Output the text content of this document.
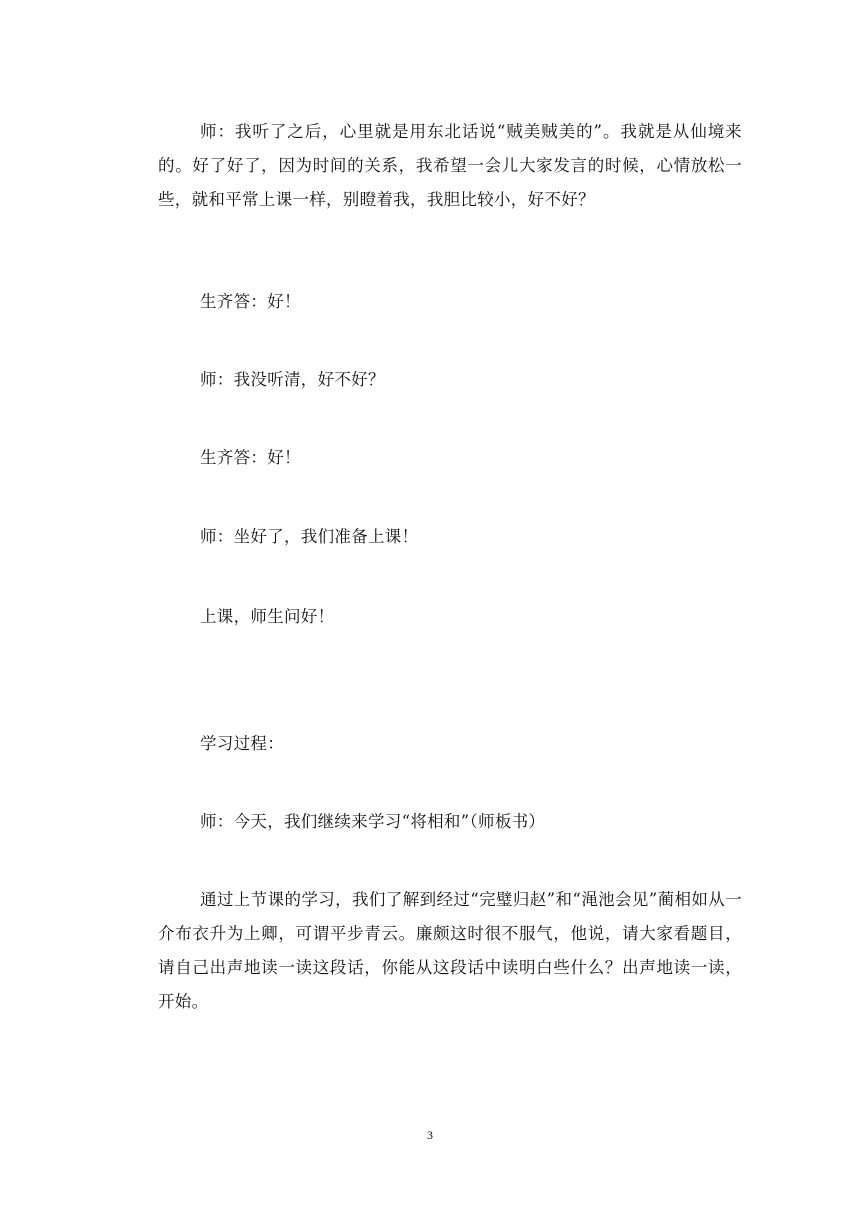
师：我听了之后，心里就是用东北话说“贼美贼美的”。我就是从仙境来的。好了好了，因为时间的关系，我希望一会儿大家发言的时候，心情放松一些，就和平常上课一样，别瞪着我，我胆比较小，好不好？

生齐答：好！

师：我没听清，好不好？

生齐答：好！

师：坐好了，我们准备上课！

上课，师生问好！

学习过程：

师：今天，我们继续来学习“将相和”（师板书）

通过上节课的学习，我们了解到经过“完璧归赵”和“渑池会见”蔺相如从一介布衣升为上卿，可谓平步青云。廉颇这时很不服气，他说，请大家看题目，请自己出声地读一读这段话，你能从这段话中读明白些什么？出声地读一读，开始。

3
